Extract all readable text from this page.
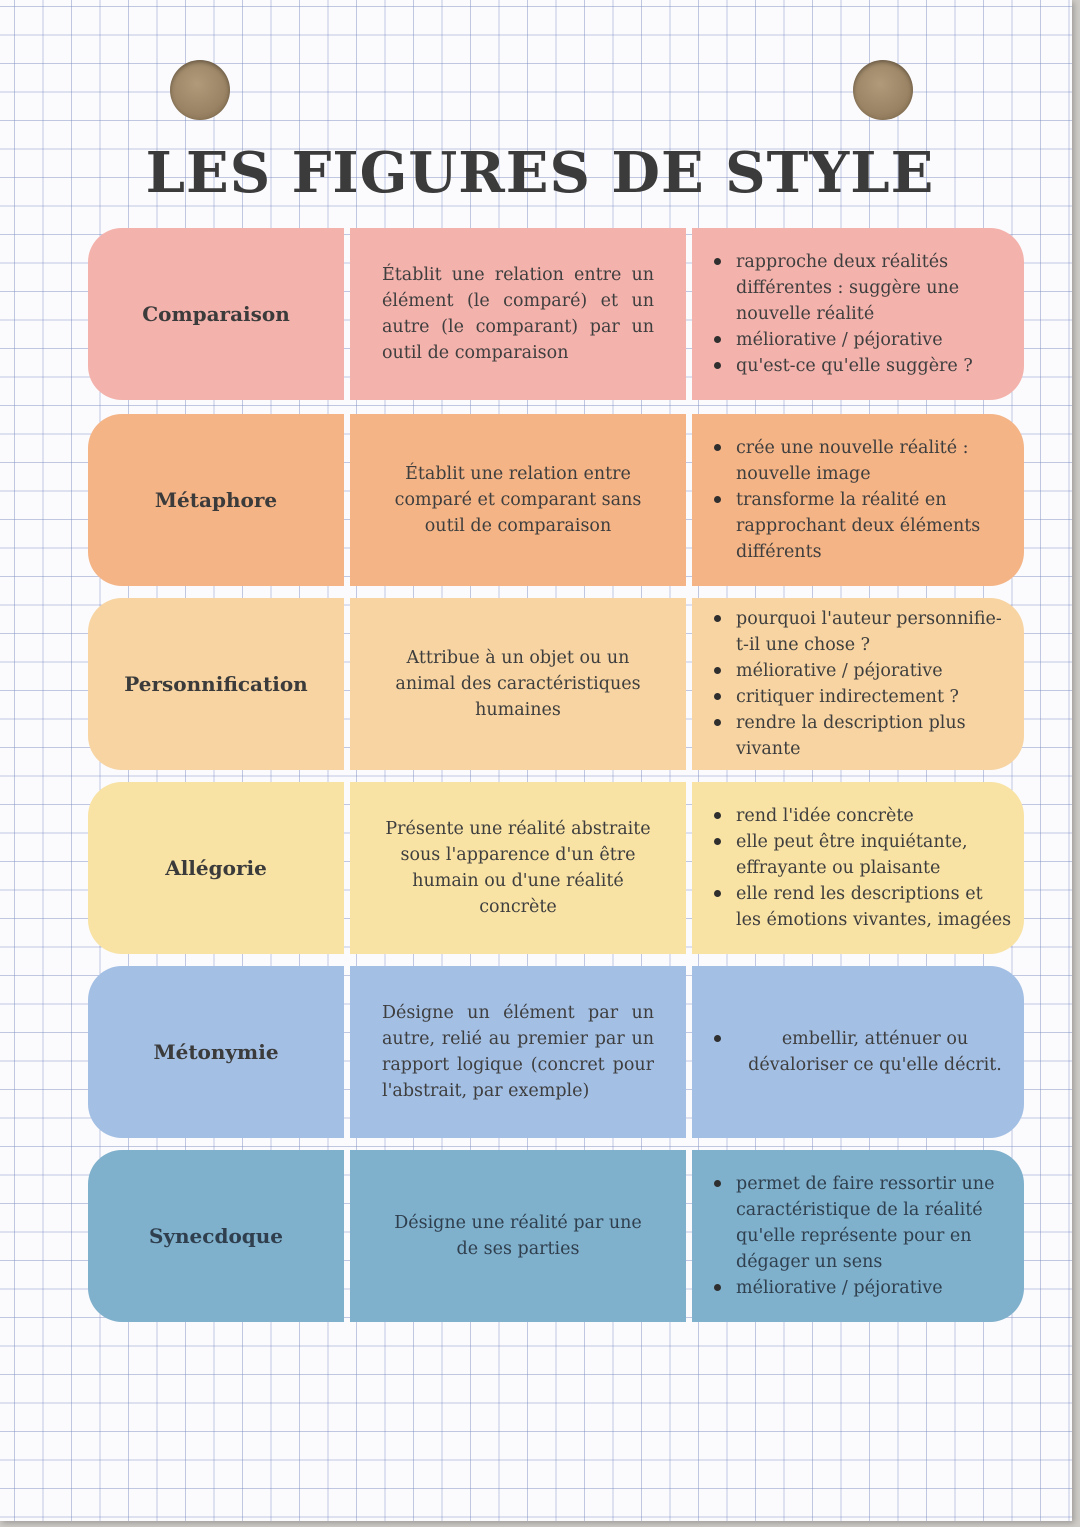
LES FIGURES DE STYLE
Comparaison
Établit une relation entre un élément (le comparé) et un autre (le comparant) par un outil de comparaison
rapproche deux réalités différentes : suggère une nouvelle réalité
méliorative / péjorative
qu'est-ce qu'elle suggère ?
Métaphore
Établit une relation entre comparé et comparant sans outil de comparaison
crée une nouvelle réalité : nouvelle image
transforme la réalité en rapprochant deux éléments différents
Personnification
Attribue à un objet ou un animal des caractéristiques humaines
pourquoi l'auteur personnifie-t-il une chose ?
méliorative / péjorative
critiquer indirectement ?
rendre la description plus vivante
Allégorie
Présente une réalité abstraite sous l'apparence d'un être humain ou d'une réalité concrète
rend l'idée concrète
elle peut être inquiétante, effrayante ou plaisante
elle rend les descriptions et les émotions vivantes, imagées
Métonymie
Désigne un élément par un autre, relié au premier par un rapport logique (concret pour l'abstrait, par exemple)
embellir, atténuer ou dévaloriser ce qu'elle décrit.
Synecdoque
Désigne une réalité par une de ses parties
permet de faire ressortir une caractéristique de la réalité qu'elle représente pour en dégager un sens
méliorative / péjorative
